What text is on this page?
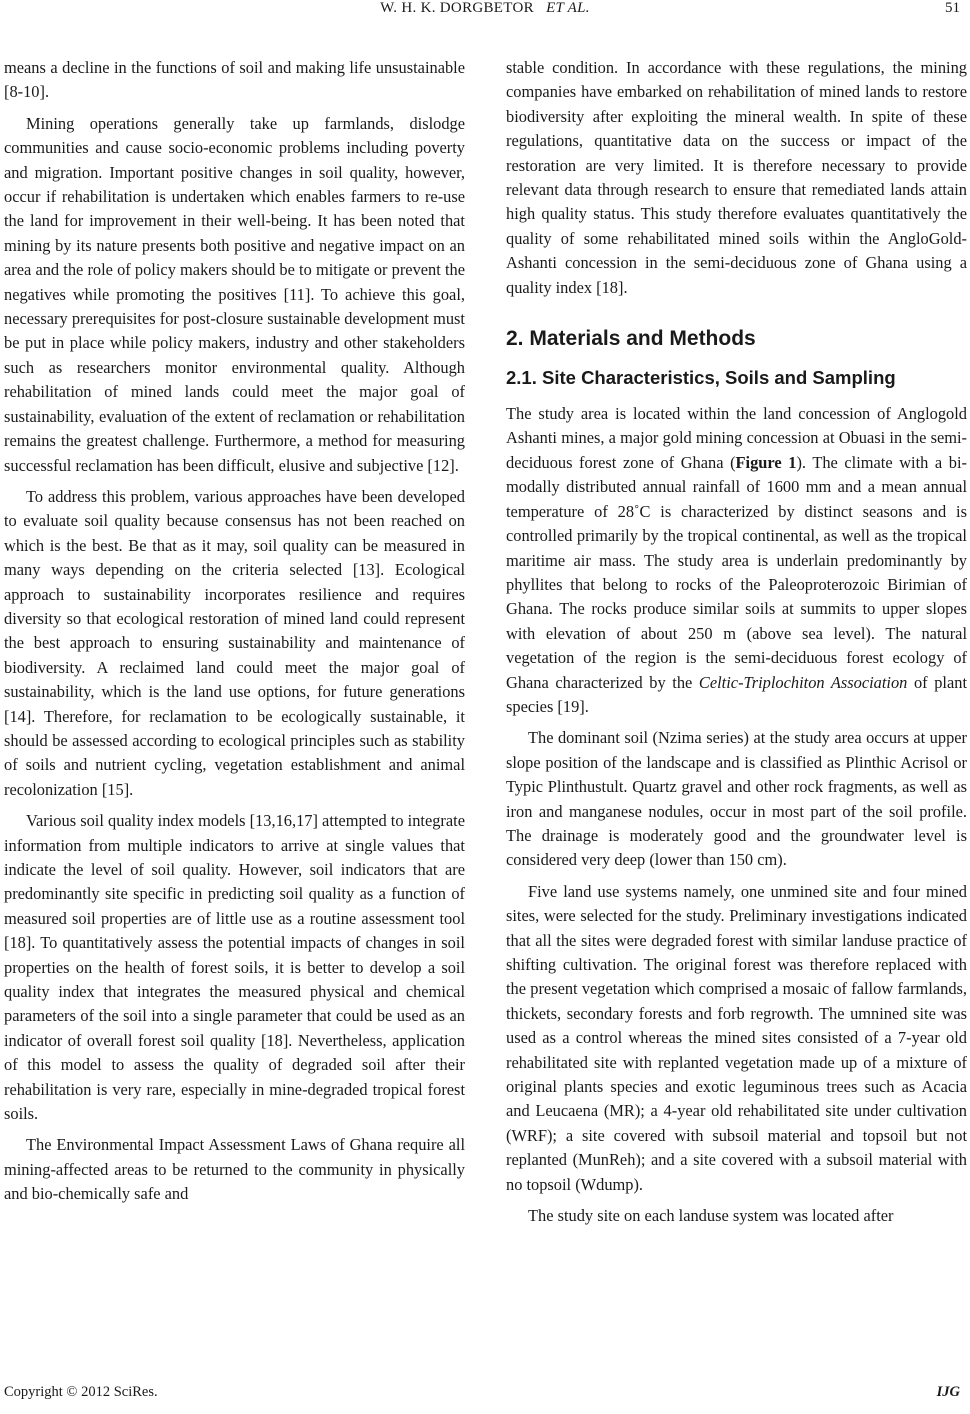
W. H. K. DORGBETOR ET AL.	51

means a decline in the functions of soil and making life unsustainable [8-10].

Mining operations generally take up farmlands, dislodge communities and cause socio-economic problems including poverty and migration. Important positive changes in soil quality, however, occur if rehabilitation is undertaken which enables farmers to re-use the land for improvement in their well-being. It has been noted that mining by its nature presents both positive and negative impact on an area and the role of policy makers should be to mitigate or prevent the negatives while promoting the positives [11]. To achieve this goal, necessary prerequisites for post-closure sustainable development must be put in place while policy makers, industry and other stakeholders such as researchers monitor environmental quality. Although rehabilitation of mined lands could meet the major goal of sustainability, evaluation of the extent of reclamation or rehabilitation remains the greatest challenge. Furthermore, a method for measuring successful reclamation has been difficult, elusive and subjective [12].

To address this problem, various approaches have been developed to evaluate soil quality because consensus has not been reached on which is the best. Be that as it may, soil quality can be measured in many ways depending on the criteria selected [13]. Ecological approach to sustainability incorporates resilience and requires diversity so that ecological restoration of mined land could represent the best approach to ensuring sustainability and maintenance of biodiversity. A reclaimed land could meet the major goal of sustainability, which is the land use options, for future generations [14]. Therefore, for reclamation to be ecologically sustainable, it should be assessed according to ecological principles such as stability of soils and nutrient cycling, vegetation establishment and animal recolonization [15].

Various soil quality index models [13,16,17] attempted to integrate information from multiple indicators to arrive at single values that indicate the level of soil quality. However, soil indicators that are predominantly site specific in predicting soil quality as a function of measured soil properties are of little use as a routine assessment tool [18]. To quantitatively assess the potential impacts of changes in soil properties on the health of forest soils, it is better to develop a soil quality index that integrates the measured physical and chemical parameters of the soil into a single parameter that could be used as an indicator of overall forest soil quality [18]. Nevertheless, application of this model to assess the quality of degraded soil after their rehabilitation is very rare, especially in mine-degraded tropical forest soils.

The Environmental Impact Assessment Laws of Ghana require all mining-affected areas to be returned to the community in physically and bio-chemically safe and

stable condition. In accordance with these regulations, the mining companies have embarked on rehabilitation of mined lands to restore biodiversity after exploiting the mineral wealth. In spite of these regulations, quantitative data on the success or impact of the restoration are very limited. It is therefore necessary to provide relevant data through research to ensure that remediated lands attain high quality status. This study therefore evaluates quantitatively the quality of some rehabilitated mined soils within the AngloGold-Ashanti concession in the semi-deciduous zone of Ghana using a quality index [18].

2. Materials and Methods
2.1. Site Characteristics, Soils and Sampling

The study area is located within the land concession of Anglogold Ashanti mines, a major gold mining concession at Obuasi in the semi-deciduous forest zone of Ghana (Figure 1). The climate with a bi-modally distributed annual rainfall of 1600 mm and a mean annual temperature of 28˚C is characterized by distinct seasons and is controlled primarily by the tropical continental, as well as the tropical maritime air mass. The study area is underlain predominantly by phyllites that belong to rocks of the Paleoproterozoic Birimian of Ghana. The rocks produce similar soils at summits to upper slopes with elevation of about 250 m (above sea level). The natural vegetation of the region is the semi-deciduous forest ecology of Ghana characterized by the Celtic-Triplochiton Association of plant species [19].

The dominant soil (Nzima series) at the study area occurs at upper slope position of the landscape and is classified as Plinthic Acrisol or Typic Plinthustult. Quartz gravel and other rock fragments, as well as iron and manganese nodules, occur in most part of the soil profile. The drainage is moderately good and the groundwater level is considered very deep (lower than 150 cm).

Five land use systems namely, one unmined site and four mined sites, were selected for the study. Preliminary investigations indicated that all the sites were degraded forest with similar landuse practice of shifting cultivation. The original forest was therefore replaced with the present vegetation which comprised a mosaic of fallow farmlands, thickets, secondary forests and forb regrowth. The umnined site was used as a control whereas the mined sites consisted of a 7-year old rehabilitated site with replanted vegetation made up of a mixture of original plants species and exotic leguminous trees such as Acacia and Leucaena (MR); a 4-year old rehabilitated site under cultivation (WRF); a site covered with subsoil material and topsoil but not replanted (MunReh); and a site covered with a subsoil material with no topsoil (Wdump).

The study site on each landuse system was located after

Copyright © 2012 SciRes.	IJG
